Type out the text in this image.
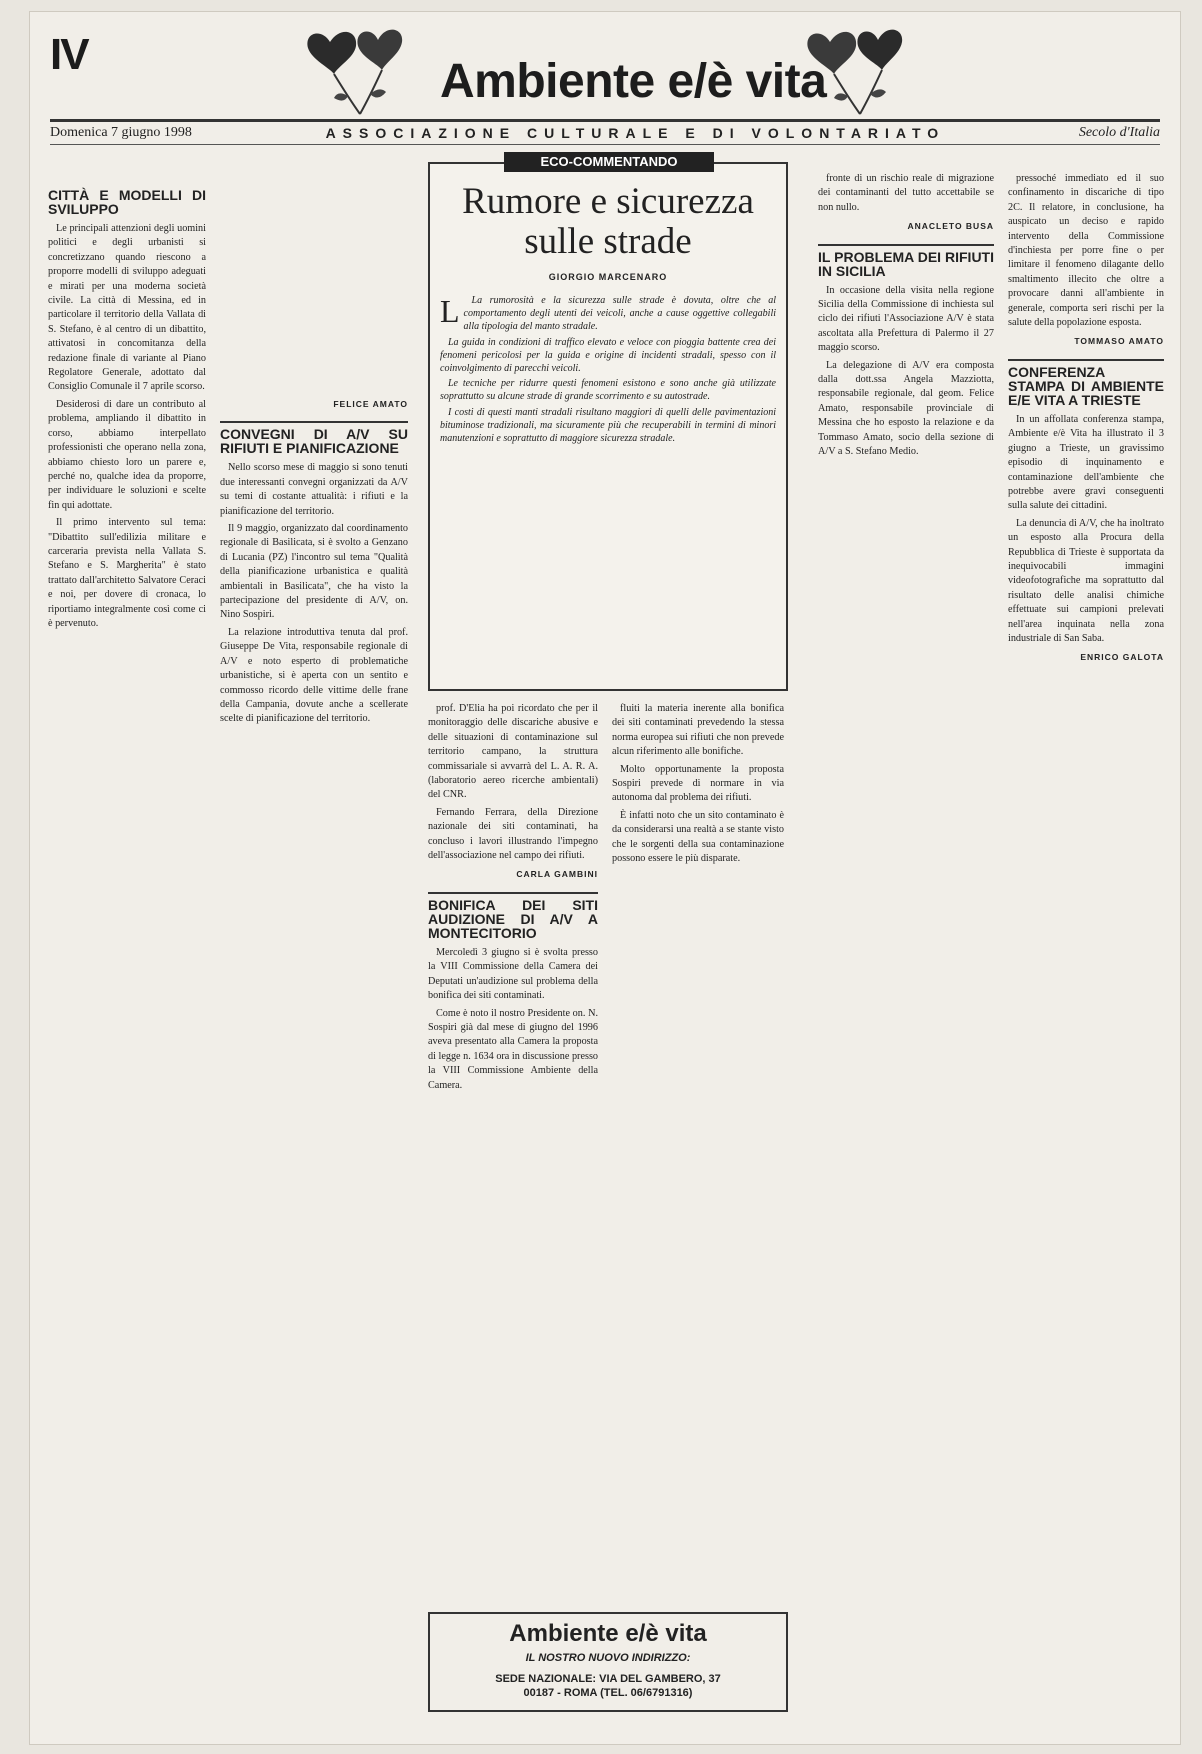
IV
Ambiente e/è vita
Domenica 7 giugno 1998	ASSOCIAZIONE CULTURALE E DI VOLONTARIATO	Secolo d'Italia
CITTÀ E MODELLI DI SVILUPPO

Le principali attenzioni degli uomini politici e degli urbanisti si concretizzano quando riescono a proporre modelli di sviluppo adeguati e mirati per una moderna società civile. La città di Messina, ed in particolare il territorio della Vallata di S. Stefano, è al centro di un dibattito, attivatosi in concomitanza della redazione finale di variante al Piano Regolatore Generale, adottato dal Consiglio Comunale il 7 aprile scorso.

Desiderosi di dare un contributo al problema, ampliando il dibattito in corso, abbiamo interpellato professionisti che operano nella zona, abbiamo chiesto loro un parere e, perché no, qualche idea da proporre, per individuare le soluzioni e scelte fin qui adottate.

Il primo intervento sul tema: "Dibattito sull'edilizia militare e carceraria prevista nella Vallata S. Stefano e S. Margherita" è stato trattato dall'architetto Salvatore Ceraci e noi, per dovere di cronaca, lo riportiamo integralmente così come ci è pervenuto.

FELICE AMATO
CONVEGNI DI A/V SU RIFIUTI E PIANIFICAZIONE

Nello scorso mese di maggio si sono tenuti due interessanti convegni organizzati da A/V su temi di costante attualità: i rifiuti e la pianificazione del territorio.

Il 9 maggio, organizzato dal coordinamento regionale di Basilicata, si è svolto a Genzano di Lucania (PZ) l'incontro sul tema "Qualità della pianificazione urbanistica e qualità ambientali in Basilicata", che ha visto la partecipazione del presidente di A/V, on. Nino Sospiri.

La relazione introduttiva tenuta dal prof. Giuseppe De Vita, responsabile regionale di A/V e noto esperto di problematiche urbanistiche, si è aperta con un sentito e commosso ricordo delle vittime delle frane della Campania, dovute anche a scellerate scelte di pianificazione del territorio.

ECO-COMMENTANDO
Rumore e sicurezza sulle strade
GIORGIO MARCENARO
L	La rumorosità e la sicurezza sulle strade è dovuta, oltre che al comportamento degli utenti dei veicoli, anche a cause oggettive collegabili alla tipologia del manto stradale.

La guida in condizioni di traffico elevato e veloce con pioggia battente crea dei fenomeni pericolosi per la guida e origine di incidenti stradali, spesso con il coinvolgimento di parecchi veicoli.

Le tecniche per ridurre questi fenomeni esistono e sono anche già utilizzate soprattutto su alcune strade di grande scorrimento e su autostrade.

I costi di questi manti stradali risultano maggiori di quelli delle pavimentazioni bituminose tradizionali, ma sicuramente più che recuperabili in termini di minori manutenzioni e soprattutto di maggiore sicurezza stradale.

prof. D'Elia ha poi ricordato che per il monitoraggio delle discariche abusive e delle situazioni di contaminazione sul territorio campano, la struttura commissariale si avvarrà del L. A. R. A. (laboratorio aereo ricerche ambientali) del CNR.

Fernando Ferrara, della Direzione nazionale dei siti contaminati, ha concluso i lavori illustrando l'impegno dell'associazione nel campo dei rifiuti.

CARLA GAMBINI
BONIFICA DEI SITI AUDIZIONE DI A/V A MONTECITORIO

Mercoledì 3 giugno si è svolta presso la VIII Commissione della Camera dei Deputati un'audizione sul problema della bonifica dei siti contaminati.

Come è noto il nostro Presidente on. N. Sospiri già dal mese di giugno del 1996 aveva presentato alla Camera la proposta di legge n. 1634 ora in discussione presso la VIII Commissione Ambiente della Camera.

fluiti la materia inerente alla bonifica dei siti contaminati prevedendo la stessa norma europea sui rifiuti che non prevede alcun riferimento alle bonifiche.

Molto opportunamente la proposta Sospiri prevede di normare in via autonoma dal problema dei rifiuti.

È infatti noto che un sito contaminato è da considerarsi una realtà a se stante visto che le sorgenti della sua contaminazione possono essere le più disparate.

Ambiente e/è vita
IL NOSTRO NUOVO INDIRIZZO:
SEDE NAZIONALE: VIA DEL GAMBERO, 37
00187 - ROMA (TEL. 06/6791316)

fronte di un rischio reale di migrazione dei contaminanti del tutto accettabile se non nullo.

ANACLETO BUSA
IL PROBLEMA DEI RIFIUTI IN SICILIA

In occasione della visita nella regione Sicilia della Commissione di inchiesta sul ciclo dei rifiuti l'Associazione A/V è stata ascoltata alla Prefettura di Palermo il 27 maggio scorso.

La delegazione di A/V era composta dalla dott.ssa Angela Mazziotta, responsabile regionale, dal geom. Felice Amato, responsabile provinciale di Messina che ho esposto la relazione e da Tommaso Amato, socio della sezione di A/V a S. Stefano Medio.

pressoché immediato ed il suo confinamento in discariche di tipo 2C. Il relatore, in conclusione, ha auspicato un deciso e rapido intervento della Commissione d'inchiesta per porre fine o per limitare il fenomeno dilagante dello smaltimento illecito che oltre a provocare danni all'ambiente in generale, comporta seri rischi per la salute della popolazione esposta.

TOMMASO AMATO
CONFERENZA STAMPA DI AMBIENTE E/E VITA A TRIESTE

In un affollata conferenza stampa, Ambiente e/è Vita ha illustrato il 3 giugno a Trieste, un gravissimo episodio di inquinamento e contaminazione dell'ambiente che potrebbe avere gravi conseguenti sulla salute dei cittadini.

La denuncia di A/V, che ha inoltrato un esposto alla Procura della Repubblica di Trieste è supportata da inequivocabili immagini videofotografiche ma soprattutto dal risultato delle analisi chimiche effettuate sui campioni prelevati nell'area inquinata nella zona industriale di San Saba.

ENRICO GALOTA
